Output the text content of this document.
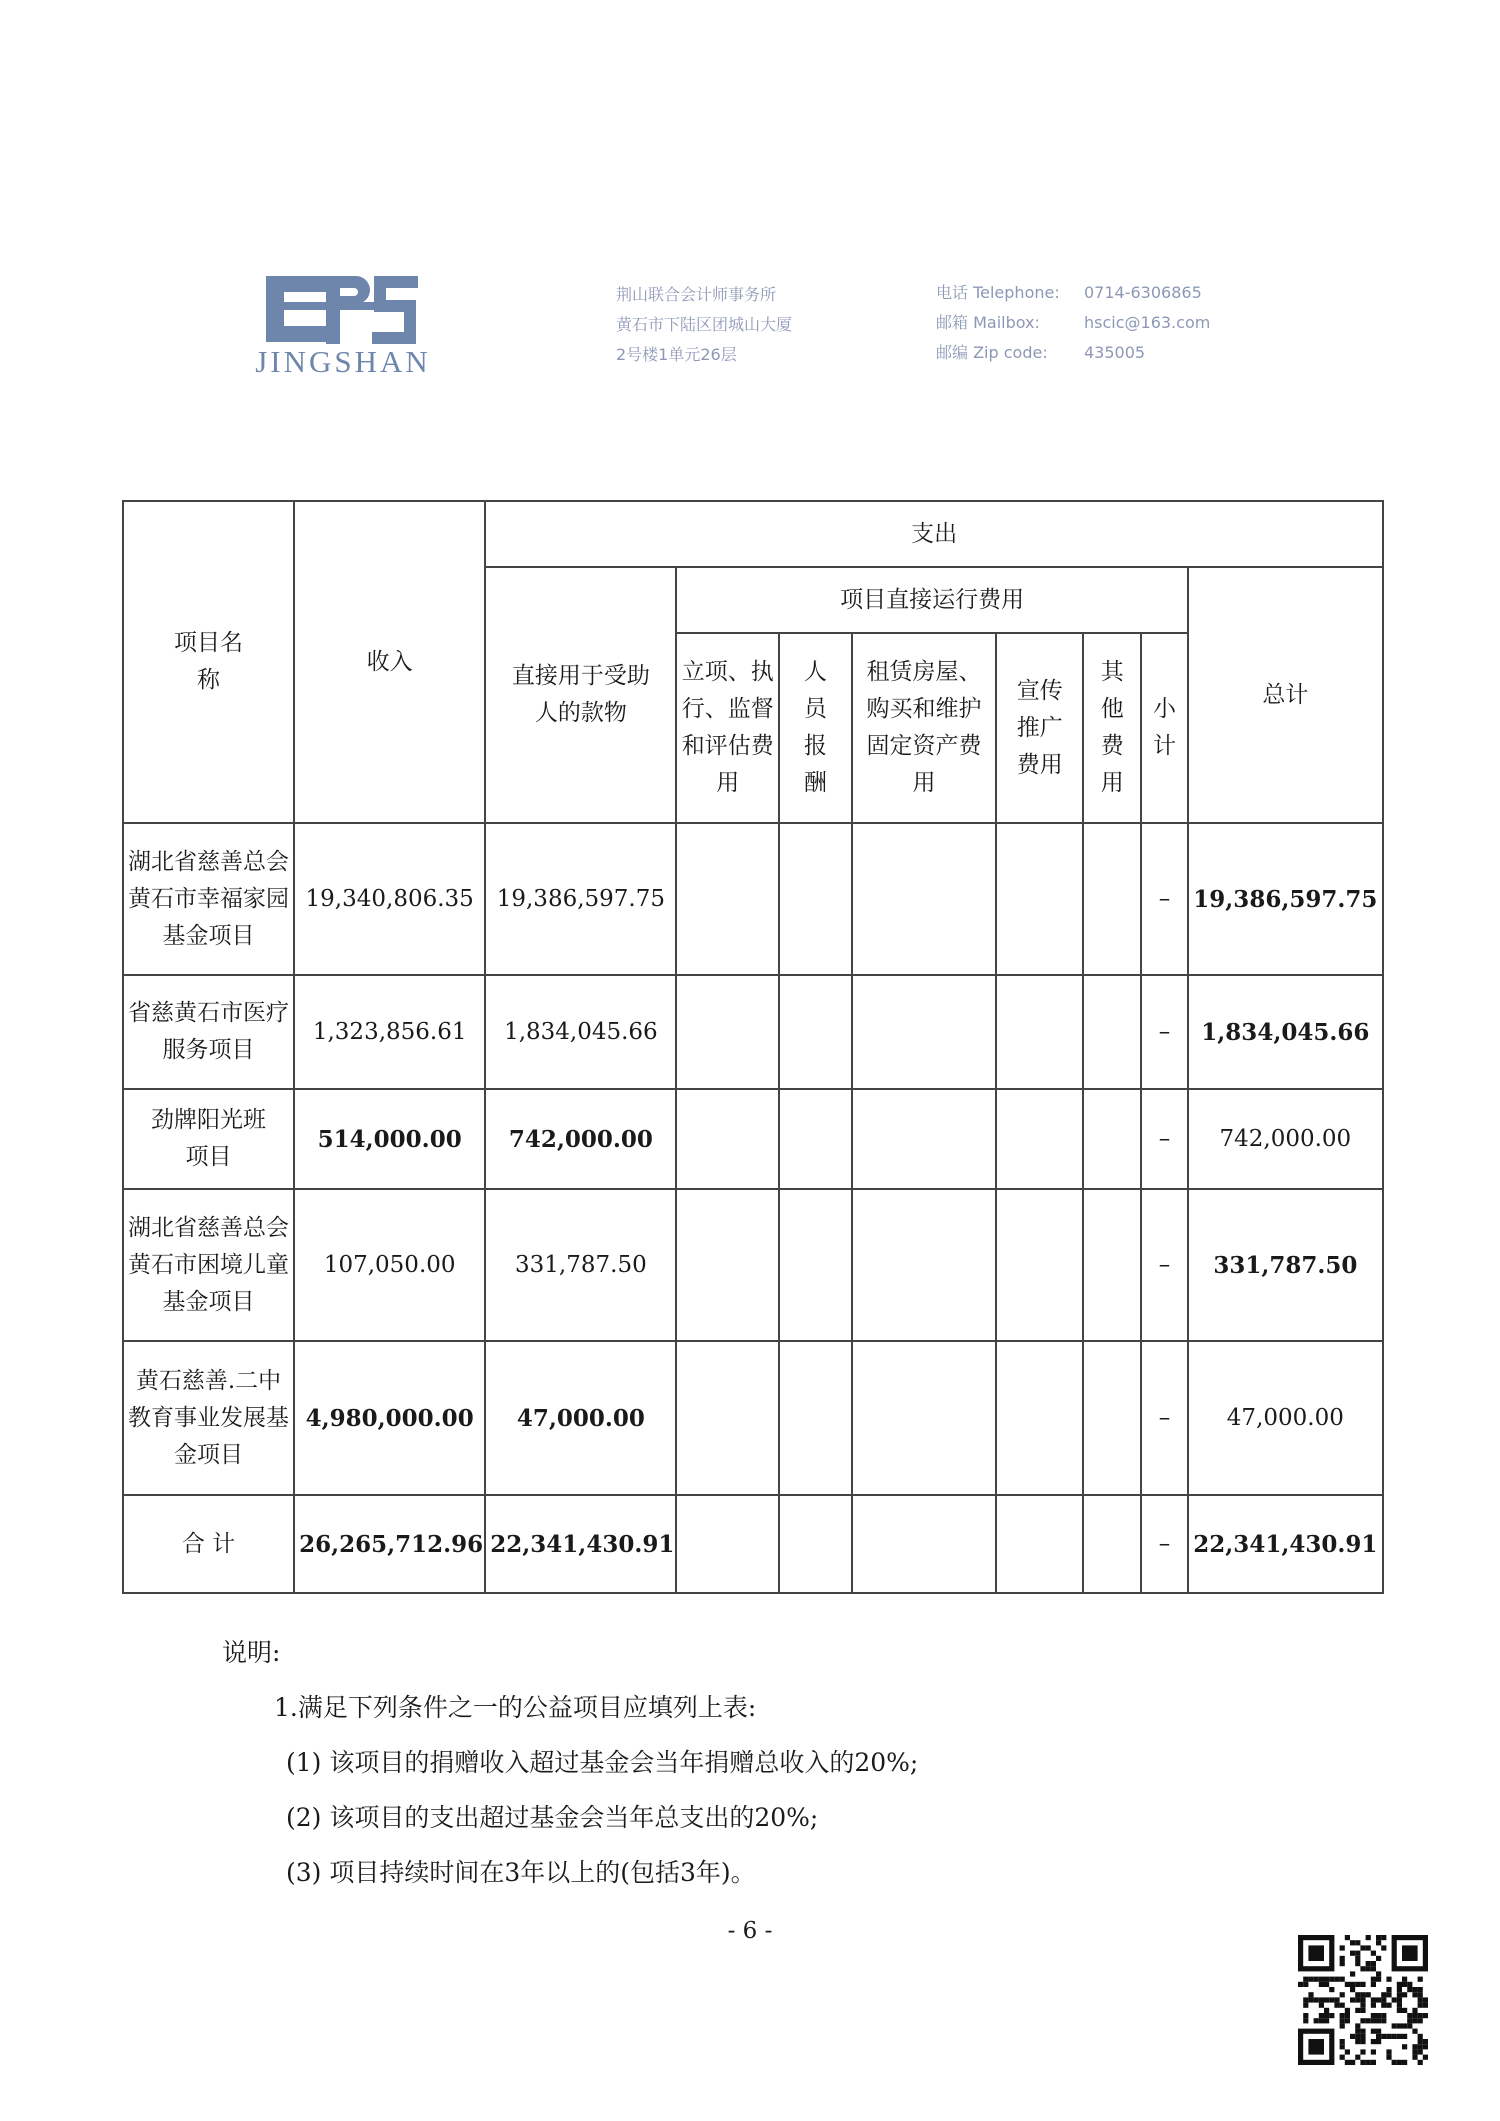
JINGSHAN
荆山联合会计师事务所
黄石市下陆区团城山大厦
2号楼1单元26层
电话 Telephone:	0714-6306865
邮箱 Mailbox:	hscic@163.com
邮编 Zip code:	435005
项目名称	收入	支出							
		直接用于受助人的款物	项目直接运行费用						总计
			立项、执行、监督和评估费用	人员报酬	租赁房屋、购买和维护固定资产费用	宣传推广费用	其他费用	小计	
湖北省慈善总会黄石市幸福家园基金项目	19,340,806.35	19,386,597.75						–	19,386,597.75
省慈黄石市医疗服务项目	1,323,856.61	1,834,045.66						–	1,834,045.66
劲牌阳光班项目	514,000.00	742,000.00						–	742,000.00
湖北省慈善总会黄石市困境儿童基金项目	107,050.00	331,787.50						–	331,787.50
黄石慈善.二中教育事业发展基金项目	4,980,000.00	47,000.00						–	47,000.00
合 计	26,265,712.96	22,341,430.91						–	22,341,430.91
说明:
1.满足下列条件之一的公益项目应填列上表:
(1) 该项目的捐赠收入超过基金会当年捐赠总收入的20%;
(2) 该项目的支出超过基金会当年总支出的20%;
(3) 项目持续时间在3年以上的(包括3年)。
- 6 -
